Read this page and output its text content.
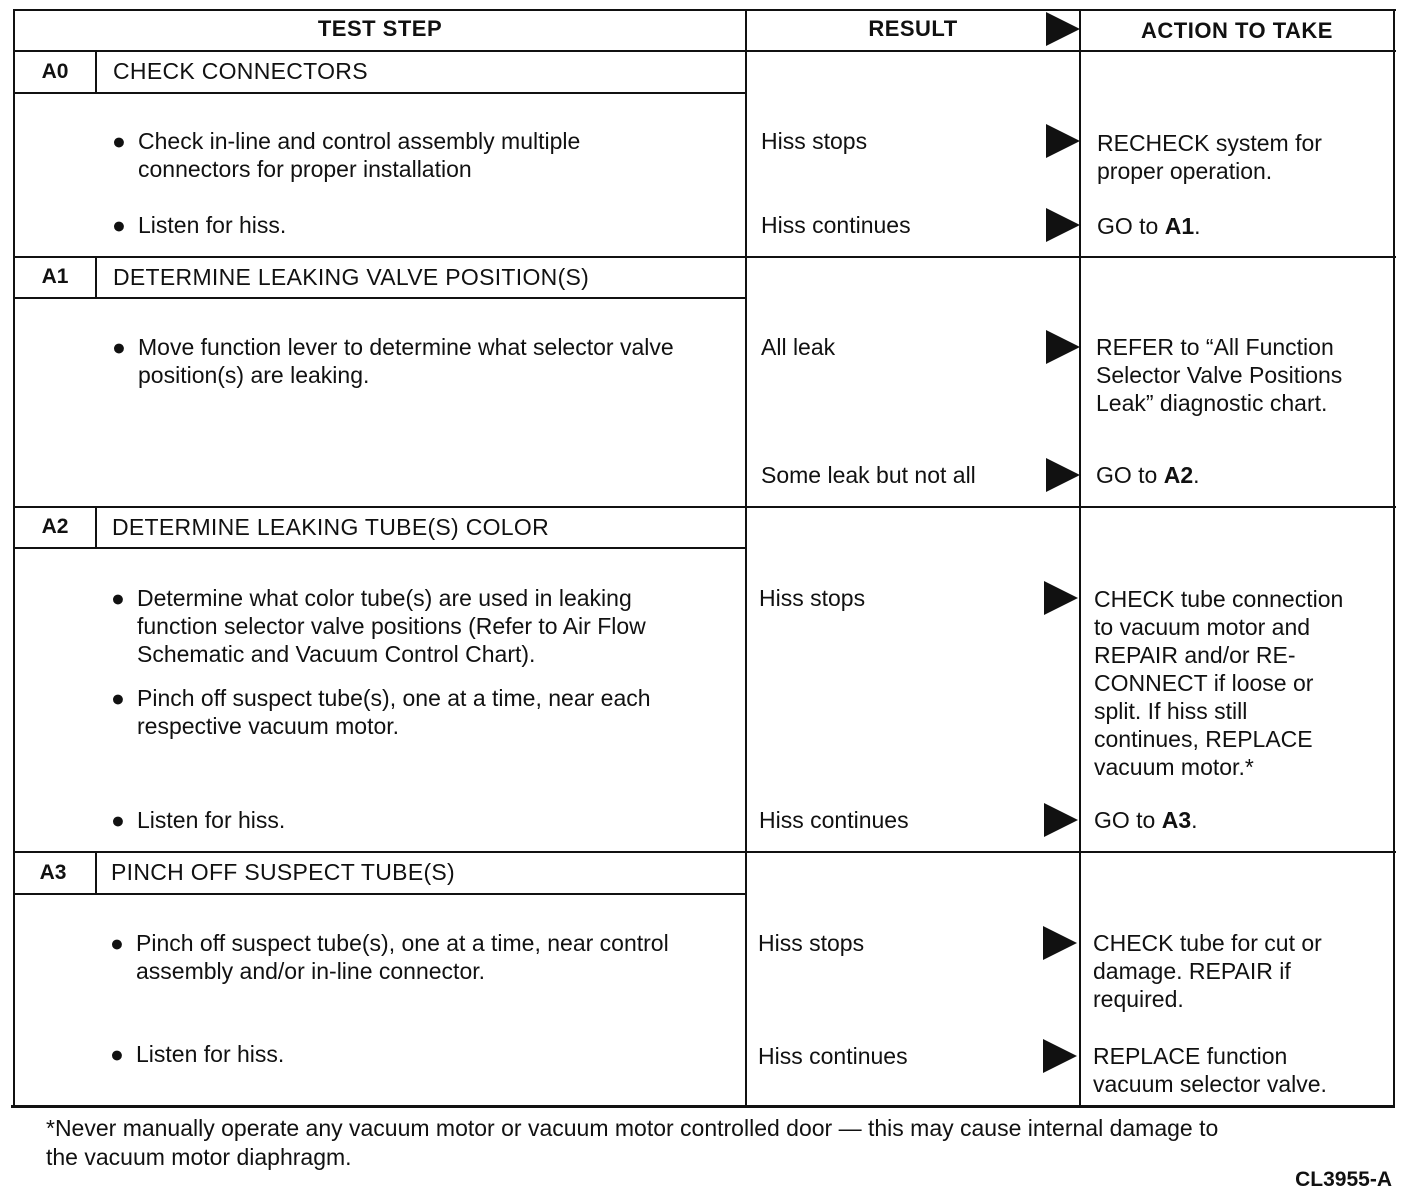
TEST STEP	RESULT	ACTION TO TAKE
A0	CHECK CONNECTORS
● Check in-line and control assembly multiple
connectors for proper installation
● Listen for hiss.
Hiss stops	RECHECK system for
proper operation.
Hiss continues	GO to A1.
A1	DETERMINE LEAKING VALVE POSITION(S)
● Move function lever to determine what selector valve
position(s) are leaking.
All leak	REFER to “All Function
Selector Valve Positions
Leak” diagnostic chart.
Some leak but not all	GO to A2.
A2	DETERMINE LEAKING TUBE(S) COLOR
● Determine what color tube(s) are used in leaking
function selector valve positions (Refer to Air Flow
Schematic and Vacuum Control Chart).
● Pinch off suspect tube(s), one at a time, near each
respective vacuum motor.
● Listen for hiss.
Hiss stops	CHECK tube connection
to vacuum motor and
REPAIR and/or RE-
CONNECT if loose or
split. If hiss still
continues, REPLACE
vacuum motor.*
Hiss continues	GO to A3.
A3	PINCH OFF SUSPECT TUBE(S)
● Pinch off suspect tube(s), one at a time, near control
assembly and/or in-line connector.
● Listen for hiss.
Hiss stops	CHECK tube for cut or
damage. REPAIR if
required.
Hiss continues	REPLACE function
vacuum selector valve.
*Never manually operate any vacuum motor or vacuum motor controlled door — this may cause internal damage to
the vacuum motor diaphragm.
CL3955-A
